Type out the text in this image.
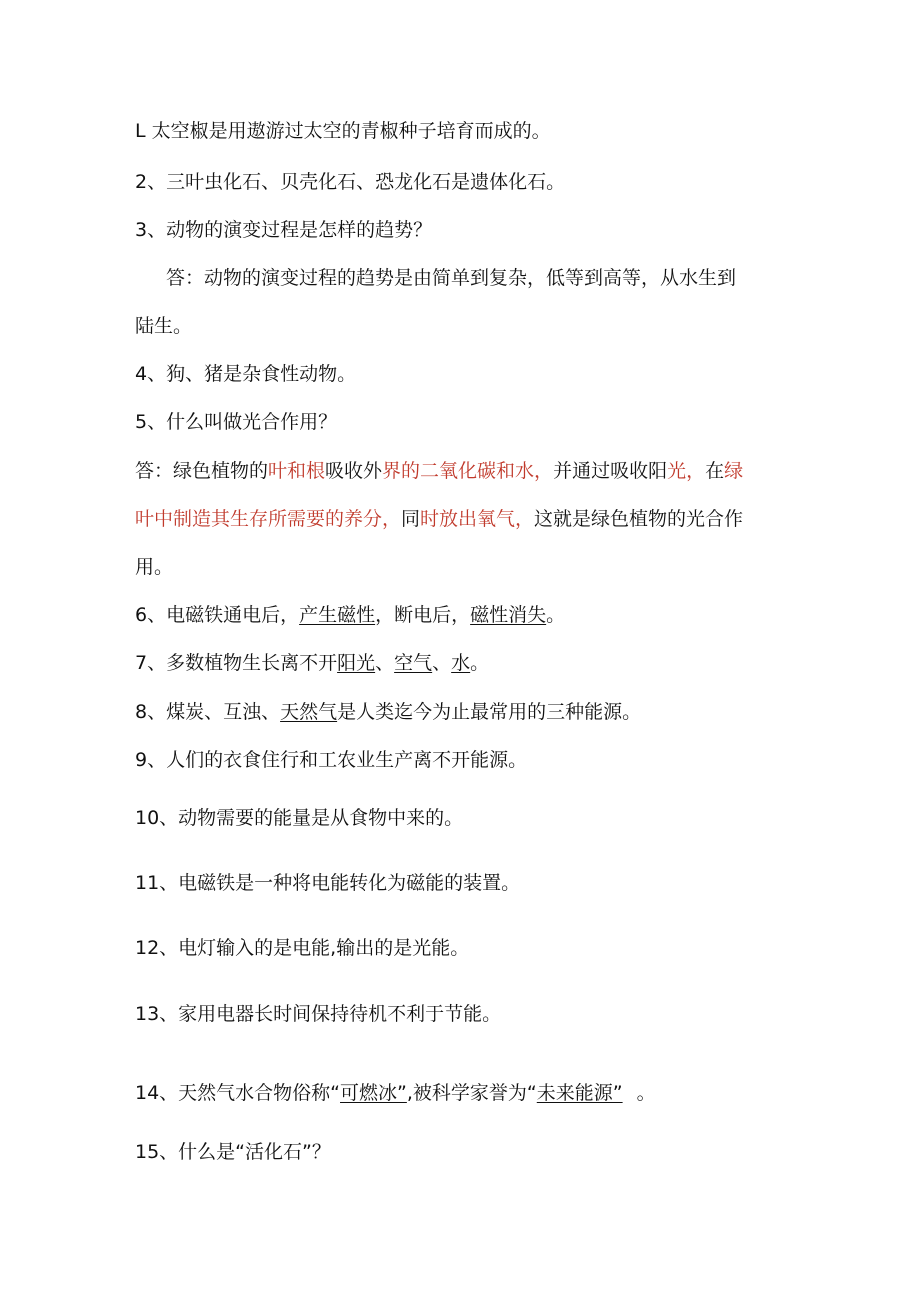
L 太空椒是用遨游过太空的青椒种子培育而成的。

2、三叶虫化石、贝壳化石、恐龙化石是遗体化石。

3、动物的演变过程是怎样的趋势？

答：动物的演变过程的趋势是由简单到复杂，低等到高等，从水生到

陆生。

4、狗、猪是杂食性动物。

5、什么叫做光合作用？

答：绿色植物的叶和根吸收外界的二氧化碳和水，并通过吸收阳光，在绿

叶中制造其生存所需要的养分，同时放出氧气，这就是绿色植物的光合作

用。

6、电磁铁通电后，产生磁性，断电后，磁性消失。

7、多数植物生长离不开阳光、空气、水。

8、煤炭、互浊、天然气是人类迄今为止最常用的三种能源。

9、人们的衣食住行和工农业生产离不开能源。

10、动物需要的能量是从食物中来的。

11、电磁铁是一种将电能转化为磁能的装置。

12、电灯输入的是电能,输出的是光能。

13、家用电器长时间保持待机不利于节能。

14、天然气水合物俗称“可燃冰”,被科学家誉为“未来能源” 。

15、什么是“活化石”？
